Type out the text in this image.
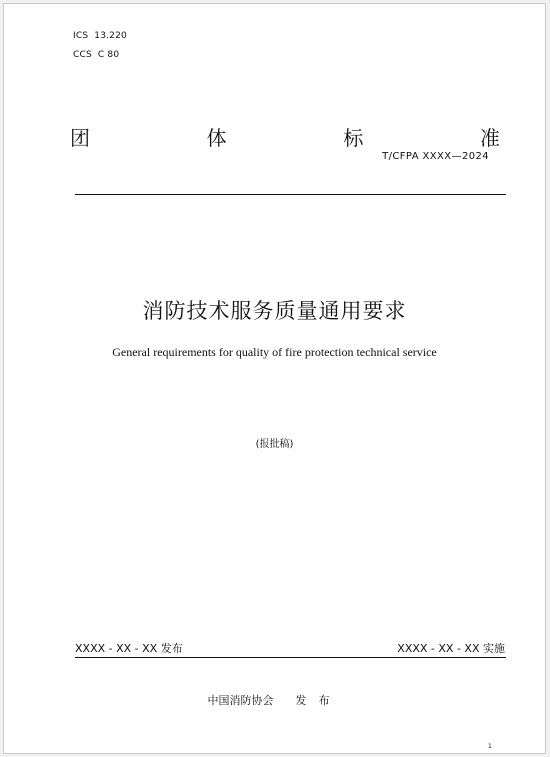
ICS 13.220
CCS C 80
团	体	标	准
T/CFPA XXXX—2024
消防技术服务质量通用要求
General requirements for quality of fire protection technical service
(报批稿)
XXXX - XX - XX 发布	XXXX - XX - XX 实施
中国消防协会 发布
1
